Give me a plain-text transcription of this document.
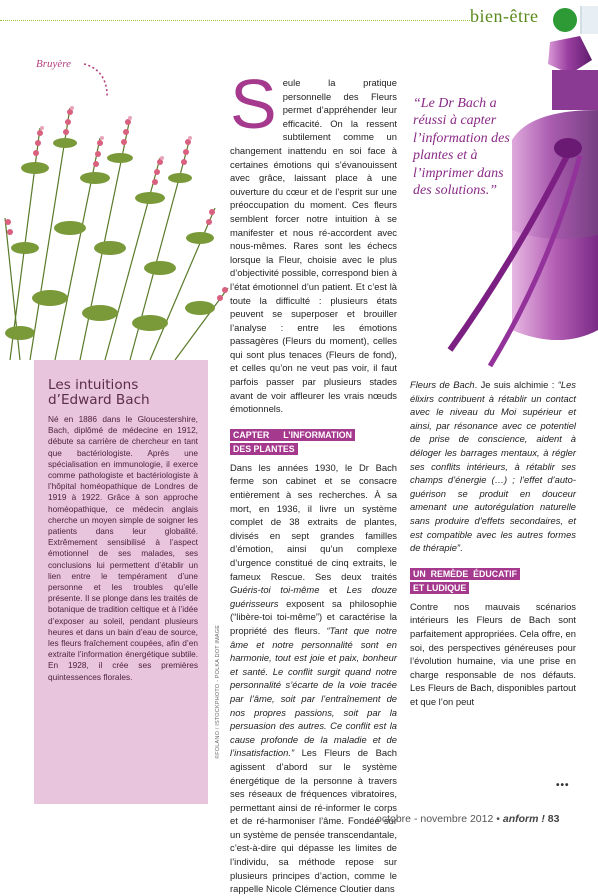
bien-être
Bruyère
Les intuitions
d’Edward Bach

Né en 1886 dans le Gloucestershire, Bach, diplômé de médecine en 1912, débute sa carrière de chercheur en tant que bactériologiste. Après une spécialisation en immunologie, il exerce comme pathologiste et bactériologiste à l’hôpital homéopathique de Londres de 1919 à 1922. Grâce à son approche homéopathique, ce médecin anglais cherche un moyen simple de soigner les patients dans leur globalité. Extrêmement sensibilisé à l’aspect émotionnel de ses malades, ses conclusions lui permettent d’établir un lien entre le tempérament d’une personne et les troubles qu’elle présente. Il se plonge dans les traités de botanique de tradition celtique et à l’idée d’exposer au soleil, pendant plusieurs heures et dans un bain d’eau de source, les fleurs fraîchement coupées, afin d’en extraite l’information énergétique subtile. En 1928, il crée ses premières quintessences florales.	©FOLANO / ISTOCKPHOTO - POLKA DOT IMAGE
“Le Dr Bach a réussi à capter l’information des plantes et à l’imprimer dans des solutions.”
S eule la pratique personnelle des Fleurs permet d’appréhender leur efficacité. On la ressent subtilement comme un changement inattendu en soi face à certaines émotions qui s’évanouissent avec grâce, laissant place à une ouverture du cœur et de l’esprit sur une préoccupation du moment. Ces fleurs semblent forcer notre intuition à se manifester et nous ré-accordent avec nous-mêmes. Rares sont les échecs lorsque la Fleur, choisie avec le plus d’objectivité possible, correspond bien à l’état émotionnel d’un patient. Et c’est là toute la difficulté : plusieurs états peuvent se superposer et brouiller l’analyse : entre les émotions passagères (Fleurs du moment), celles qui sont plus tenaces (Fleurs de fond), et celles qu’on ne veut pas voir, il faut parfois passer par plusieurs stades avant de voir affleurer les vrais nœuds émotionnels.

CAPTER L’INFORMATION DES PLANTES

Dans les années 1930, le Dr Bach ferme son cabinet et se consacre entièrement à ses recherches. À sa mort, en 1936, il livre un système complet de 38 extraits de plantes, divisés en sept grandes familles d’émotion, ainsi qu’un complexe d’urgence constitué de cinq extraits, le fameux Rescue. Ses deux traités Guéris-toi toi-même et Les douze guérisseurs exposent sa philosophie (“libère-toi toi-même”) et caractérise la propriété des fleurs. “Tant que notre âme et notre personnalité sont en harmonie, tout est joie et paix, bonheur et santé. Le conflit surgit quand notre personnalité s’écarte de la voie tracée par l’âme, soit par l’entraînement de nos propres passions, soit par la persuasion des autres. Ce conflit est la cause profonde de la maladie et de l’insatisfaction.” Les Fleurs de Bach agissent d’abord sur le système énergétique de la personne à travers ses réseaux de fréquences vibratoires, permettant ainsi de ré-informer le corps et de ré-harmoniser l’âme. Fondée sur un système de pensée transcendantale, c’est-à-dire qui dépasse les limites de l’individu, sa méthode repose sur plusieurs principes d’action, comme le rappelle Nicole Clémence Cloutier dans

Fleurs de Bach. Je suis alchimie : “Les élixirs contribuent à rétablir un contact avec le niveau du Moi supérieur et ainsi, par résonance avec ce potentiel de prise de conscience, aident à déloger les barrages mentaux, à régler ses conflits intérieurs, à rétablir ses champs d’énergie (…) ; l’effet d’auto-guérison se produit en douceur amenant une autorégulation naturelle sans produire d’effets secondaires, et est compatible avec les autres formes de thérapie”.

UN REMÈDE ÉDUCATIF ET LUDIQUE

Contre nos mauvais scénarios intérieurs les Fleurs de Bach sont parfaitement appropriées. Cela offre, en soi, des perspectives généreuses pour l’évolution humaine, via une prise en charge responsable de nos défauts. Les Fleurs de Bach, disponibles partout et que l’on peut

•••
octobre - novembre 2012 • anform ! 83
